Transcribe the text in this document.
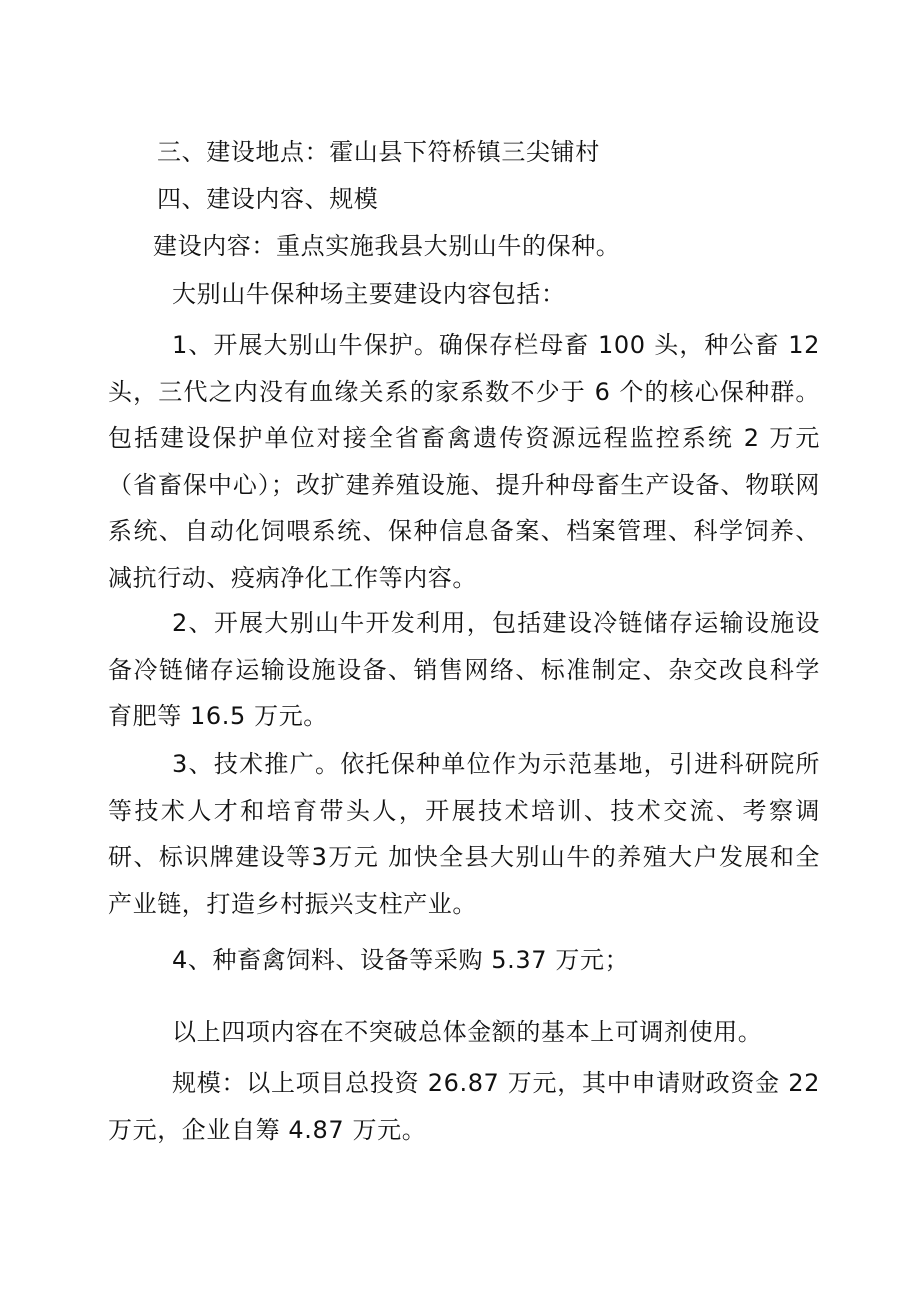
三、建设地点：霍山县下符桥镇三尖铺村
四、建设内容、规模
建设内容：重点实施我县大别山牛的保种。
大别山牛保种场主要建设内容包括：

1、开展大别山牛保护。确保存栏母畜 100 头，种公畜 12 头，三代之内没有血缘关系的家系数不少于 6 个的核心保种群。包括建设保护单位对接全省畜禽遗传资源远程监控系统 2 万元（省畜保中心）；改扩建养殖设施、提升种母畜生产设备、物联网系统、自动化饲喂系统、保种信息备案、档案管理、科学饲养、减抗行动、疫病净化工作等内容。

2、开展大别山牛开发利用，包括建设冷链储存运输设施设备冷链储存运输设施设备、销售网络、标准制定、杂交改良科学育肥等 16.5 万元。

3、技术推广。依托保种单位作为示范基地，引进科研院所等技术人才和培育带头人，开展技术培训、技术交流、考察调研、标识牌建设等3万元 加快全县大别山牛的养殖大户发展和全产业链，打造乡村振兴支柱产业。

4、种畜禽饲料、设备等采购 5.37 万元；
以上四项内容在不突破总体金额的基本上可调剂使用。

规模：以上项目总投资 26.87 万元，其中申请财政资金 22 万元，企业自筹 4.87 万元。
